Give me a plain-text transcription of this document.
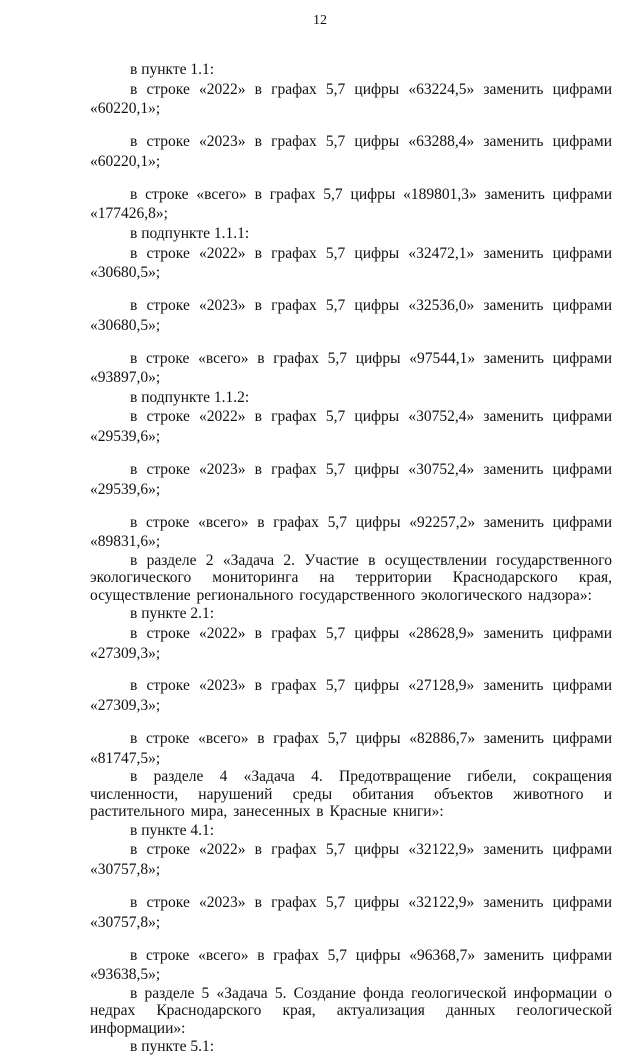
12

в пункте 1.1:

в строке «2022» в графах 5,7 цифры «63224,5» заменить цифрами «60220,1»;

в строке «2023» в графах 5,7 цифры «63288,4» заменить цифрами «60220,1»;

в строке «всего» в графах 5,7 цифры «189801,3» заменить цифрами «177426,8»;

в подпункте 1.1.1:

в строке «2022» в графах 5,7 цифры «32472,1» заменить цифрами «30680,5»;

в строке «2023» в графах 5,7 цифры «32536,0» заменить цифрами «30680,5»;

в строке «всего» в графах 5,7 цифры «97544,1» заменить цифрами «93897,0»;

в подпункте 1.1.2:

в строке «2022» в графах 5,7 цифры «30752,4» заменить цифрами «29539,6»;

в строке «2023» в графах 5,7 цифры «30752,4» заменить цифрами «29539,6»;

в строке «всего» в графах 5,7 цифры «92257,2» заменить цифрами «89831,6»;

в разделе 2 «Задача 2. Участие в осуществлении государственного экологического мониторинга на территории Краснодарского края, осуществление регионального государственного экологического надзора»:

в пункте 2.1:

в строке «2022» в графах 5,7 цифры «28628,9» заменить цифрами «27309,3»;

в строке «2023» в графах 5,7 цифры «27128,9» заменить цифрами «27309,3»;

в строке «всего» в графах 5,7 цифры «82886,7» заменить цифрами «81747,5»;

в разделе 4 «Задача 4. Предотвращение гибели, сокращения численности, нарушений среды обитания объектов животного и растительного мира, занесенных в Красные книги»:

в пункте 4.1:

в строке «2022» в графах 5,7 цифры «32122,9» заменить цифрами «30757,8»;

в строке «2023» в графах 5,7 цифры «32122,9» заменить цифрами «30757,8»;

в строке «всего» в графах 5,7 цифры «96368,7» заменить цифрами «93638,5»;

в разделе 5 «Задача 5. Создание фонда геологической информации о недрах Краснодарского края, актуализация данных геологической информации»:

в пункте 5.1:
